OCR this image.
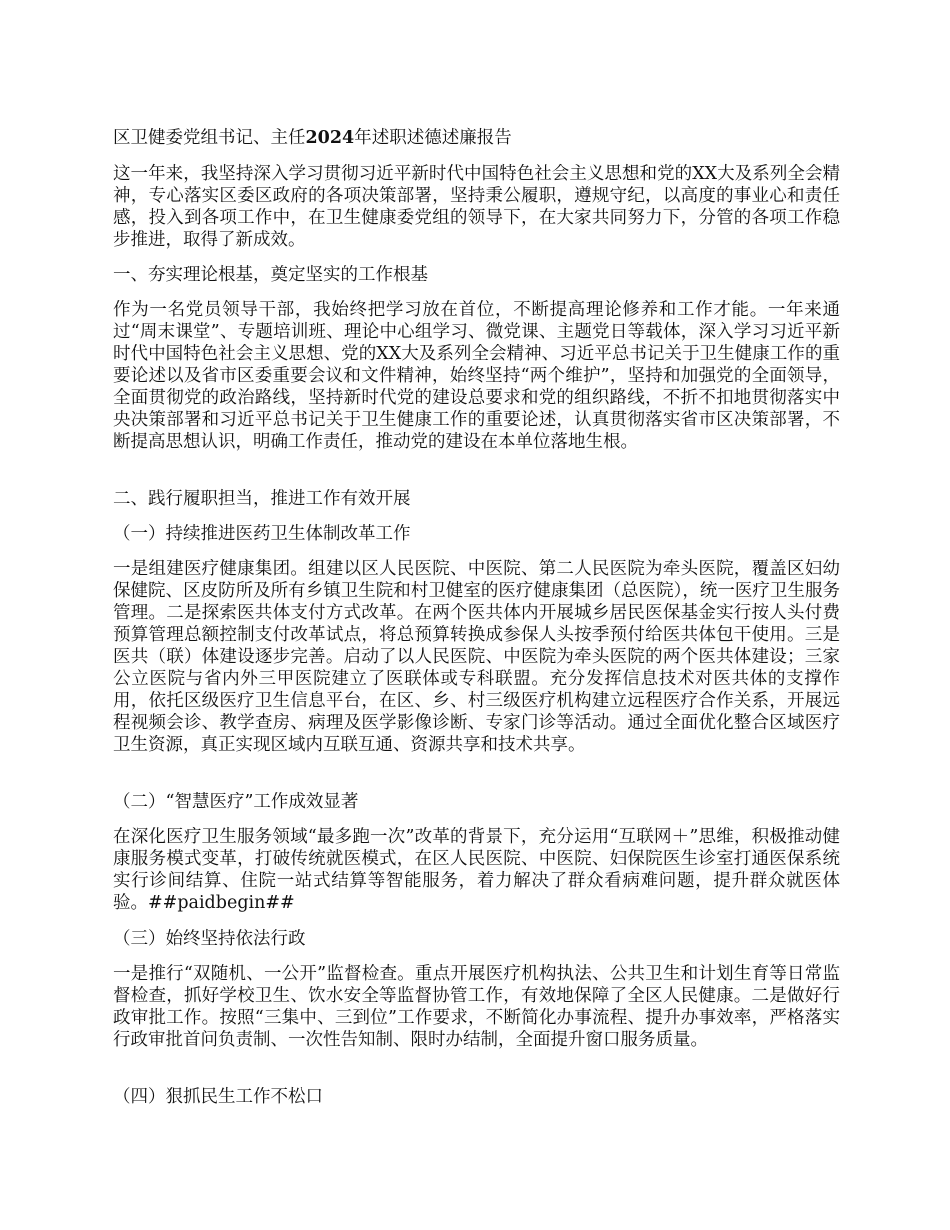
区卫健委党组书记、主任2024年述职述德述廉报告

这一年来，我坚持深入学习贯彻习近平新时代中国特色社会主义思想和党的XX大及系列全会精神，专心落实区委区政府的各项决策部署，坚持秉公履职，遵规守纪，以高度的事业心和责任感，投入到各项工作中，在卫生健康委党组的领导下，在大家共同努力下，分管的各项工作稳步推进，取得了新成效。

一、夯实理论根基，奠定坚实的工作根基

作为一名党员领导干部，我始终把学习放在首位，不断提高理论修养和工作才能。一年来通过“周末课堂”、专题培训班、理论中心组学习、微党课、主题党日等载体，深入学习习近平新时代中国特色社会主义思想、党的XX大及系列全会精神、习近平总书记关于卫生健康工作的重要论述以及省市区委重要会议和文件精神，始终坚持“两个维护”，坚持和加强党的全面领导，全面贯彻党的政治路线，坚持新时代党的建设总要求和党的组织路线，不折不扣地贯彻落实中央决策部署和习近平总书记关于卫生健康工作的重要论述，认真贯彻落实省市区决策部署，不断提高思想认识，明确工作责任，推动党的建设在本单位落地生根。

二、践行履职担当，推进工作有效开展

（一）持续推进医药卫生体制改革工作

一是组建医疗健康集团。组建以区人民医院、中医院、第二人民医院为牵头医院，覆盖区妇幼保健院、区皮防所及所有乡镇卫生院和村卫健室的医疗健康集团（总医院），统一医疗卫生服务管理。二是探索医共体支付方式改革。在两个医共体内开展城乡居民医保基金实行按人头付费预算管理总额控制支付改革试点，将总预算转换成参保人头按季预付给医共体包干使用。三是医共（联）体建设逐步完善。启动了以人民医院、中医院为牵头医院的两个医共体建设；三家公立医院与省内外三甲医院建立了医联体或专科联盟。充分发挥信息技术对医共体的支撑作用，依托区级医疗卫生信息平台，在区、乡、村三级医疗机构建立远程医疗合作关系，开展远程视频会诊、教学查房、病理及医学影像诊断、专家门诊等活动。通过全面优化整合区域医疗卫生资源，真正实现区域内互联互通、资源共享和技术共享。

（二）“智慧医疗”工作成效显著

在深化医疗卫生服务领域“最多跑一次”改革的背景下，充分运用“互联网＋”思维，积极推动健康服务模式变革，打破传统就医模式，在区人民医院、中医院、妇保院医生诊室打通医保系统实行诊间结算、住院一站式结算等智能服务，着力解决了群众看病难问题，提升群众就医体验。##paidbegin##

（三）始终坚持依法行政

一是推行“双随机、一公开”监督检查。重点开展医疗机构执法、公共卫生和计划生育等日常监督检查，抓好学校卫生、饮水安全等监督协管工作，有效地保障了全区人民健康。二是做好行政审批工作。按照“三集中、三到位”工作要求，不断简化办事流程、提升办事效率，严格落实行政审批首问负责制、一次性告知制、限时办结制，全面提升窗口服务质量。

（四）狠抓民生工作不松口
